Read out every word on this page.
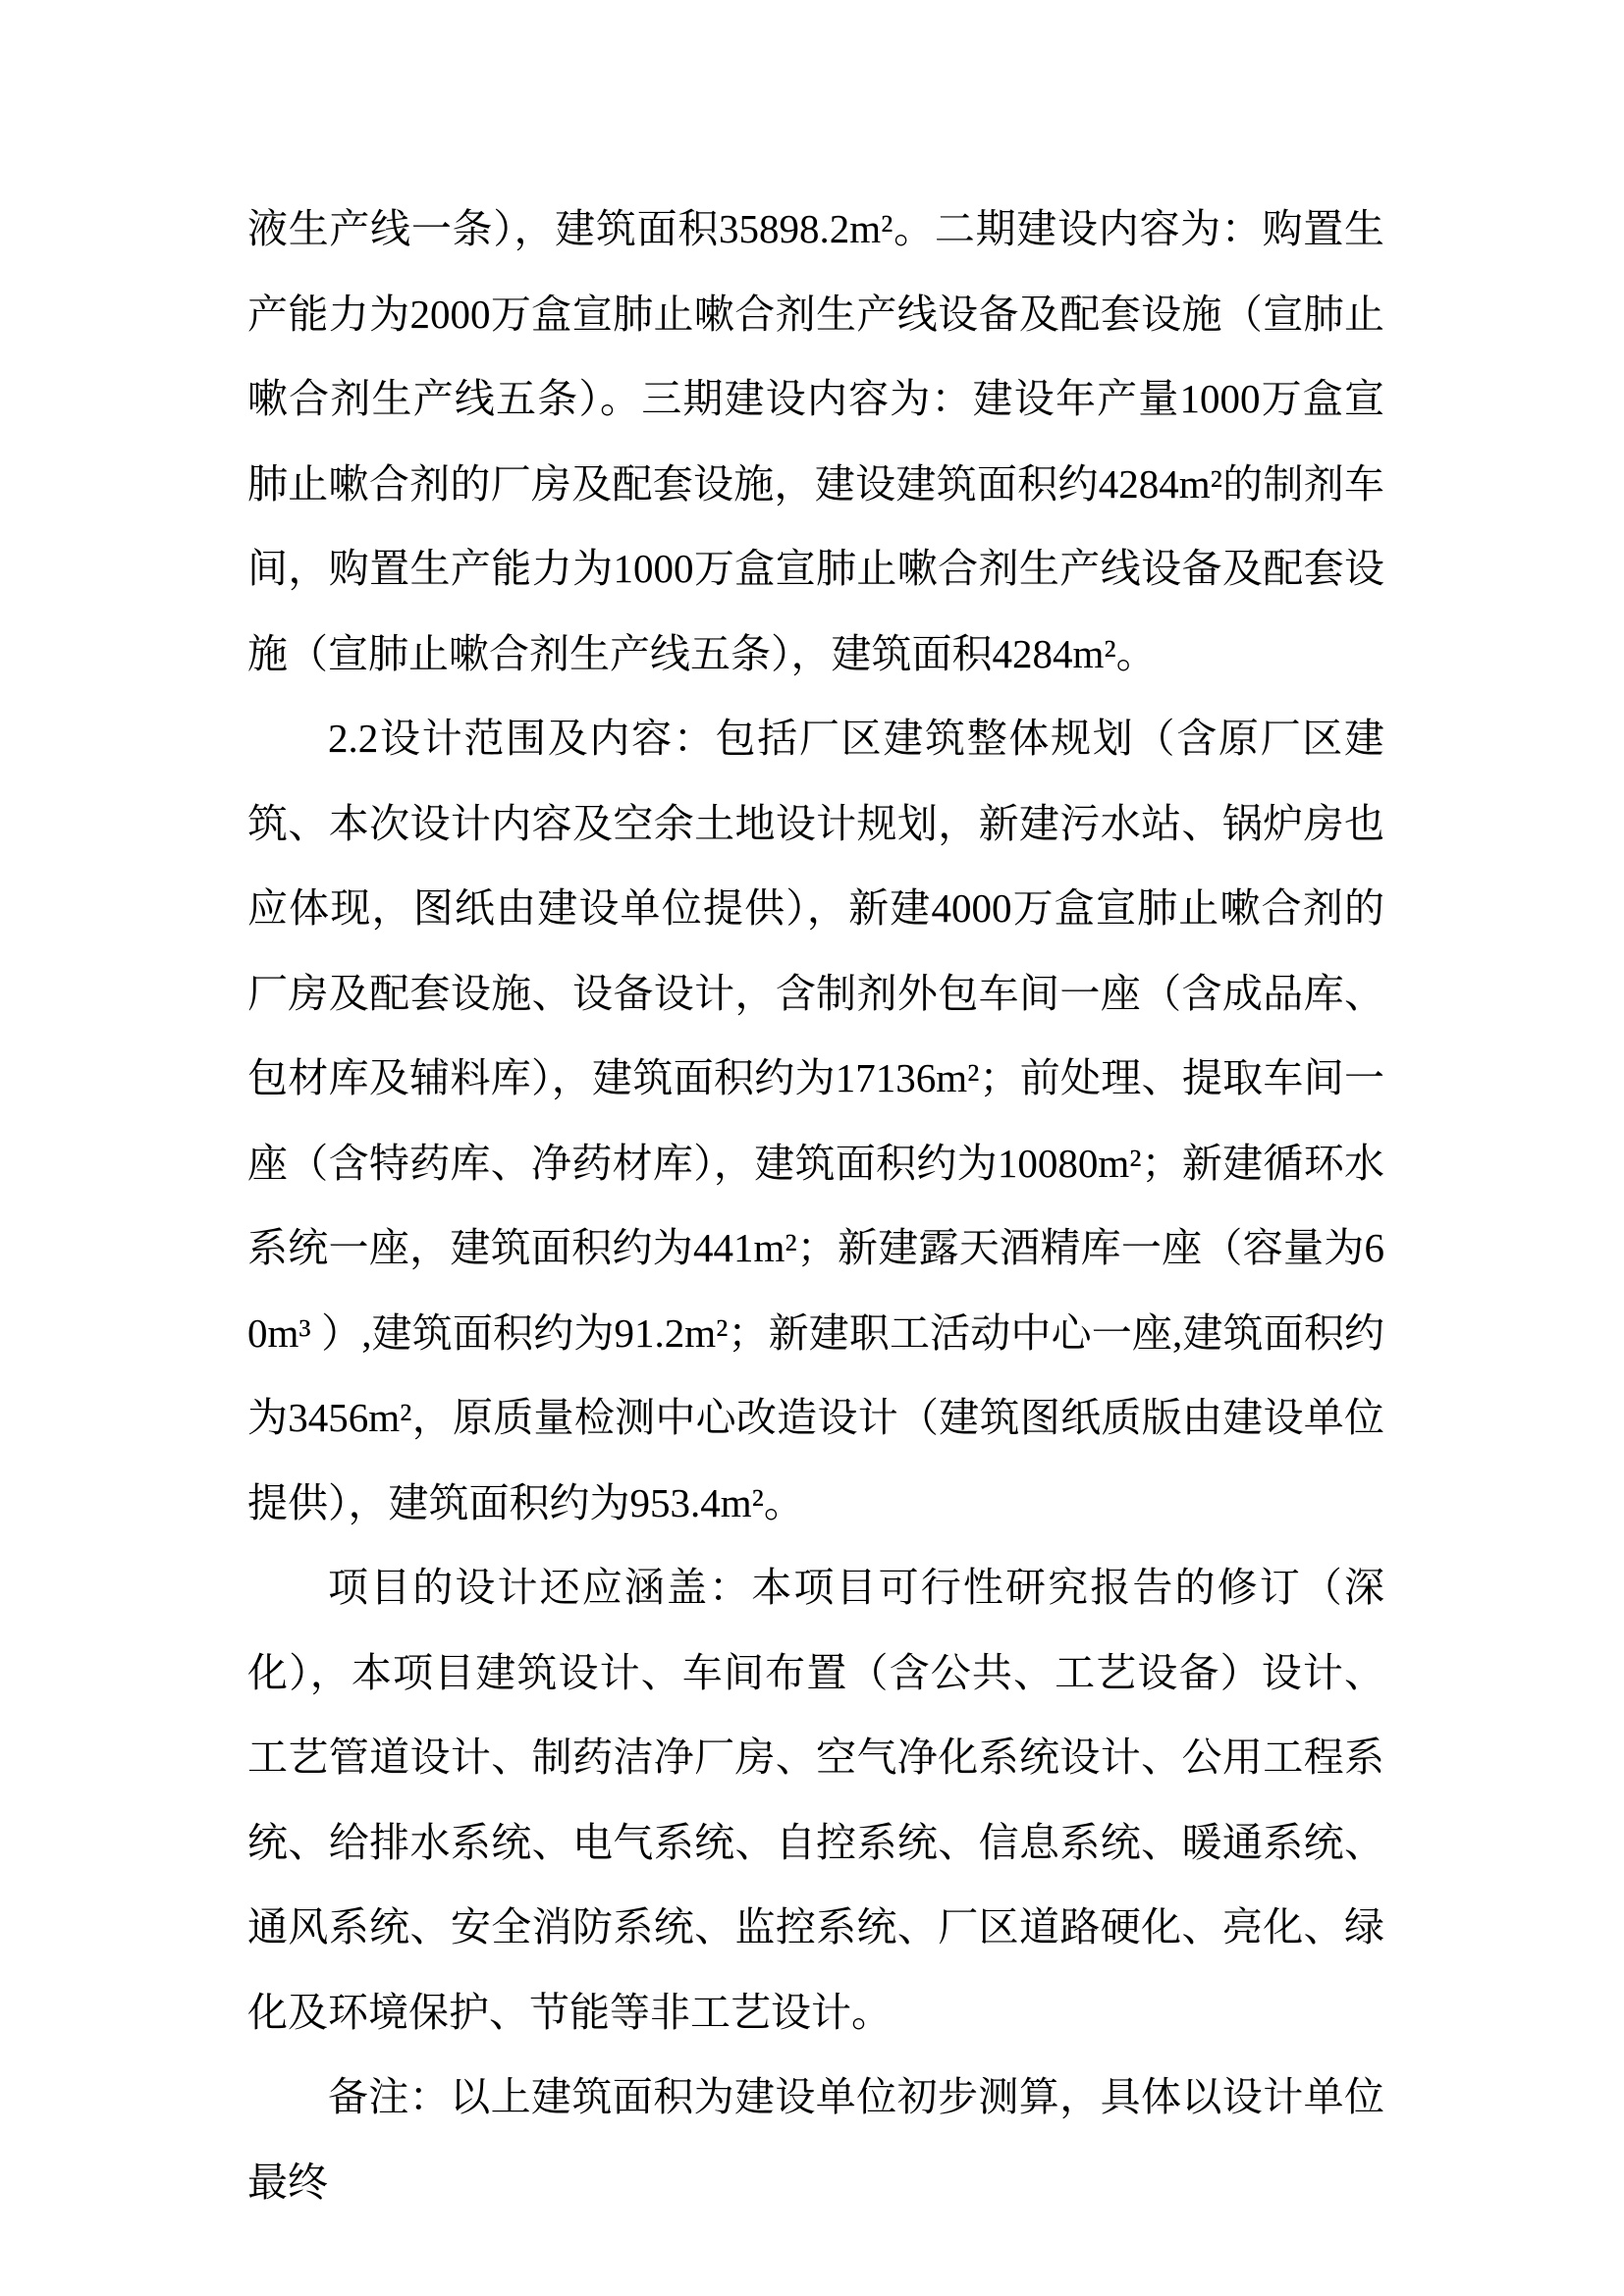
液生产线一条），建筑面积35898.2m²。二期建设内容为：购置生产能力为2000万盒宣肺止嗽合剂生产线设备及配套设施（宣肺止嗽合剂生产线五条）。三期建设内容为：建设年产量1000万盒宣肺止嗽合剂的厂房及配套设施，建设建筑面积约4284m²的制剂车间，购置生产能力为1000万盒宣肺止嗽合剂生产线设备及配套设施（宣肺止嗽合剂生产线五条），建筑面积4284m²。

2.2设计范围及内容：包括厂区建筑整体规划（含原厂区建筑、本次设计内容及空余土地设计规划，新建污水站、锅炉房也应体现，图纸由建设单位提供），新建4000万盒宣肺止嗽合剂的厂房及配套设施、设备设计，含制剂外包车间一座（含成品库、包材库及辅料库），建筑面积约为17136m²；前处理、提取车间一座（含特药库、净药材库），建筑面积约为10080m²；新建循环水系统一座，建筑面积约为441m²；新建露天酒精库一座（容量为60m³ ）,建筑面积约为91.2m²；新建职工活动中心一座,建筑面积约为3456m²，原质量检测中心改造设计（建筑图纸质版由建设单位提供），建筑面积约为953.4m²。

项目的设计还应涵盖：本项目可行性研究报告的修订（深化），本项目建筑设计、车间布置（含公共、工艺设备）设计、工艺管道设计、制药洁净厂房、空气净化系统设计、公用工程系统、给排水系统、电气系统、自控系统、信息系统、暖通系统、通风系统、安全消防系统、监控系统、厂区道路硬化、亮化、绿化及环境保护、节能等非工艺设计。

备注：以上建筑面积为建设单位初步测算，具体以设计单位最终
